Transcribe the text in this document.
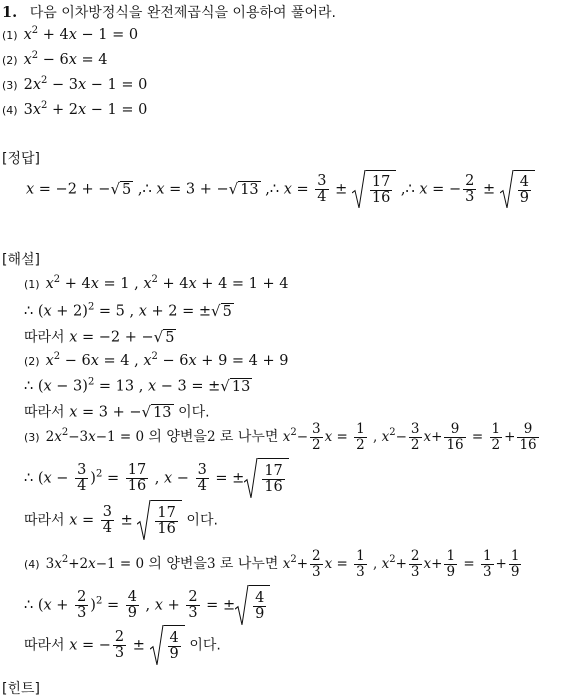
1. 다음 이차방정식을 완전제곱식을 이용하여 풀어라.
(1) $x^2 + 4x - 1 = 0$
(2) $x^2 - 6x = 4$
(3) $2x^2 - 3x - 1 = 0$
(4) $3x^2 + 2x - 1 = 0$
[정답]
x = −2 + −√ 5 ,∴ x = 3 + −√ 13 ,∴ $x = \frac{3}{4} \pm \frac{17}{16}$ ,∴ x = − $\frac{2}{3} \pm \frac{4}{9}$
[해설]
(1) $x^2 + 4x = 1$ , $x^2 + 4x + 4 = 1 + 4$
∴ $(x + 2)^2 = 5$ , x + 2 = ±√ 5
따라서 x = −2 + −√ 5
(2) $x^2 - 6x = 4$ , $x^2 - 6x + 9 = 4 + 9$
∴ $(x - 3)^2 = 13$ , x − 3 = ±√ 13
따라서 x = 3 + −√ 13 이다.
(3) $2x^2-3x-1 = 0$ 의 양변을2 로 나누면 $x^2- \frac{3}{2}$ $x = \frac{1}{2}$ , $x^2- \frac{3}{2} x+ \frac{9}{16} = \frac{1}{2} + \frac{9}{16}$
∴ $(x - \frac{3}{4} )^2 = \frac{17}{16}$ , $x - \frac{3}{4}$ = ± $\frac{17}{16}$
따라서 $x = \frac{3}{4} \pm \frac{17}{16}$ 이다.
(4) $3x^2+2x-1 = 0$ 의 양변을3 로 나누면 $x^2+ \frac{2}{3}$ $x = \frac{1}{3}$ , $x^2+ \frac{2}{3} x+ \frac{1}{9} = \frac{1}{3} + \frac{1}{9}$
∴ $(x + \frac{2}{3} )^2 = \frac{4}{9}$ , $x + \frac{2}{3}$ = ± $\frac{4}{9}$
따라서 x = − $\frac{2}{3} \pm \frac{4}{9}$ 이다.
[힌트]
